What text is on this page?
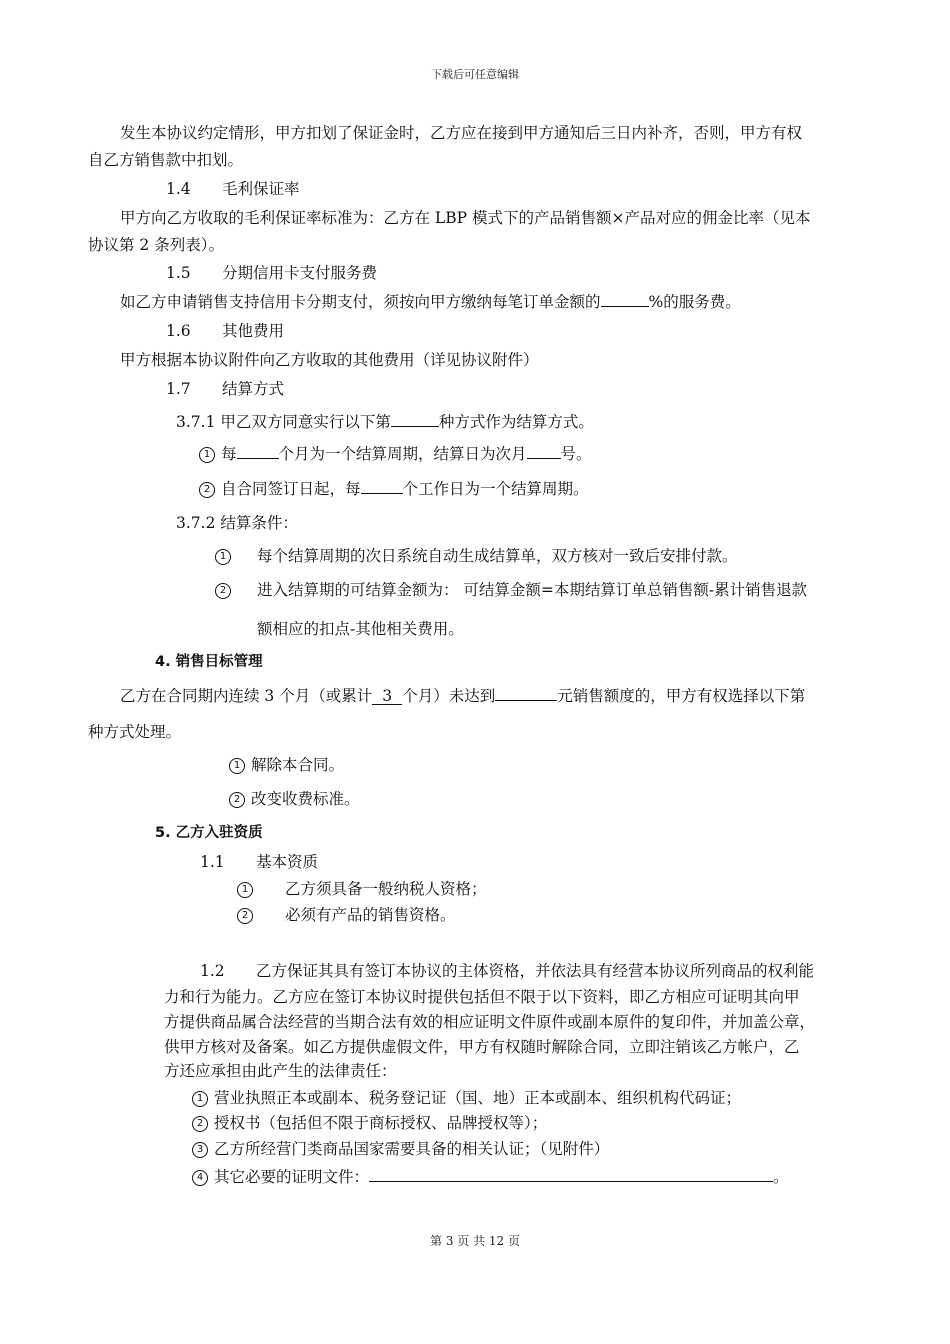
下载后可任意编辑
发生本协议约定情形，甲方扣划了保证金时，乙方应在接到甲方通知后三日内补齐，否则，甲方有权
自乙方销售款中扣划。
1.4 毛利保证率
甲方向乙方收取的毛利保证率标准为：乙方在 LBP 模式下的产品销售额×产品对应的佣金比率（见本
协议第 2 条列表）。
1.5 分期信用卡支付服务费
如乙方申请销售支持信用卡分期支付，须按向甲方缴纳每笔订单金额的	%的服务费。
1.6 其他费用
甲方根据本协议附件向乙方收取的其他费用（详见协议附件）
1.7 结算方式
3.7.1 甲乙双方同意实行以下第	种方式作为结算方式。
1 每	个月为一个结算周期，结算日为次月 号。
2 自合同签订日起，每	个工作日为一个结算周期。
3.7.2 结算条件：
1 每个结算周期的次日系统自动生成结算单，双方核对一致后安排付款。
2 进入结算期的可结算金额为： 可结算金额=本期结算订单总销售额-累计销售退款
额相应的扣点-其他相关费用。
4. 销售目标管理
乙方在合同期内连续 3 个月（或累计 3 个月）未达到	元销售额度的，甲方有权选择以下第
种方式处理。
1 解除本合同。
2 改变收费标准。
5. 乙方入驻资质
1.1 基本资质
1 乙方须具备一般纳税人资格；
2 必须有产品的销售资格。
1.2 乙方保证其具有签订本协议的主体资格，并依法具有经营本协议所列商品的权利能
力和行为能力。乙方应在签订本协议时提供包括但不限于以下资料，即乙方相应可证明其向甲
方提供商品属合法经营的当期合法有效的相应证明文件原件或副本原件的复印件，并加盖公章，
供甲方核对及备案。如乙方提供虚假文件，甲方有权随时解除合同，立即注销该乙方帐户，乙
方还应承担由此产生的法律责任：
1 营业执照正本或副本、税务登记证（国、地）正本或副本、组织机构代码证；
2 授权书（包括但不限于商标授权、品牌授权等）；
3 乙方所经营门类商品国家需要具备的相关认证；（见附件）
4 其它必要的证明文件：	。
第 3 页 共 12 页
